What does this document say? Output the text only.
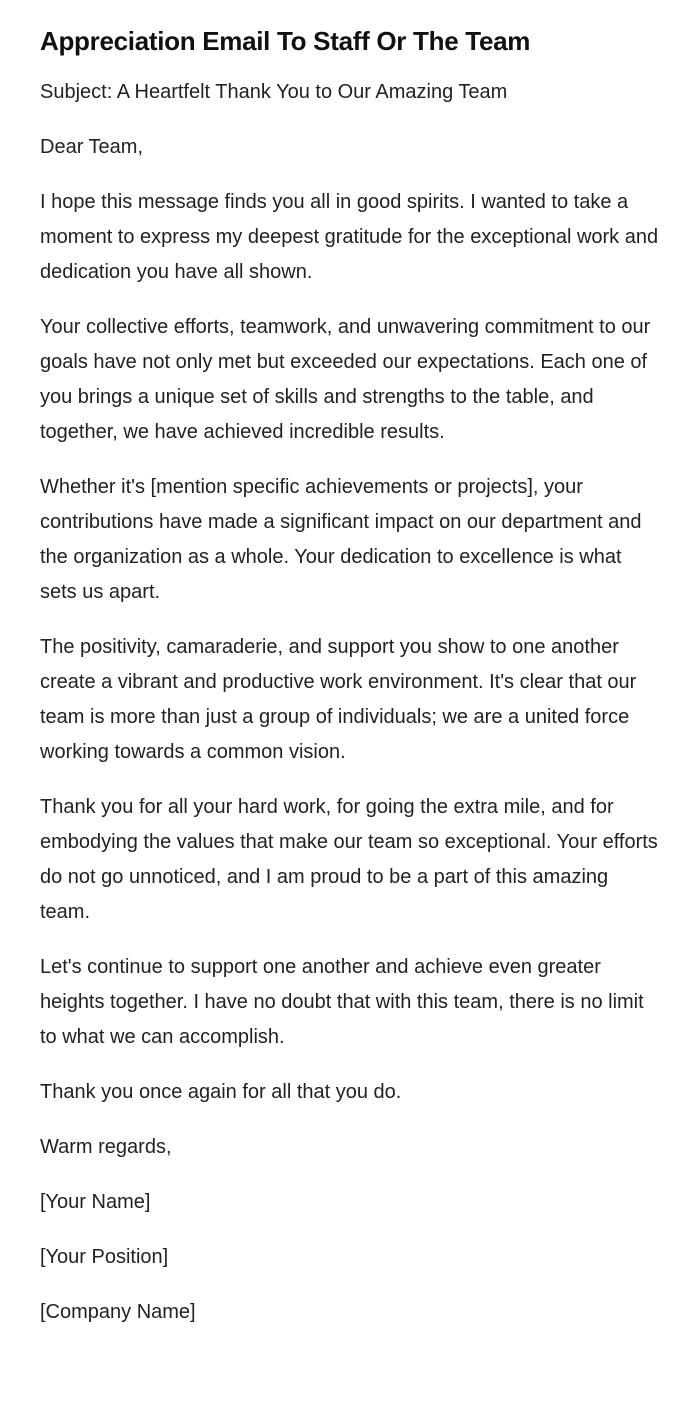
Appreciation Email To Staff Or The Team

Subject: A Heartfelt Thank You to Our Amazing Team

Dear Team,

I hope this message finds you all in good spirits. I wanted to take a moment to express my deepest gratitude for the exceptional work and dedication you have all shown.

Your collective efforts, teamwork, and unwavering commitment to our goals have not only met but exceeded our expectations. Each one of you brings a unique set of skills and strengths to the table, and together, we have achieved incredible results.

Whether it's [mention specific achievements or projects], your contributions have made a significant impact on our department and the organization as a whole. Your dedication to excellence is what sets us apart.

The positivity, camaraderie, and support you show to one another create a vibrant and productive work environment. It's clear that our team is more than just a group of individuals; we are a united force working towards a common vision.

Thank you for all your hard work, for going the extra mile, and for embodying the values that make our team so exceptional. Your efforts do not go unnoticed, and I am proud to be a part of this amazing team.

Let's continue to support one another and achieve even greater heights together. I have no doubt that with this team, there is no limit to what we can accomplish.

Thank you once again for all that you do.

Warm regards,

[Your Name]

[Your Position]

[Company Name]
